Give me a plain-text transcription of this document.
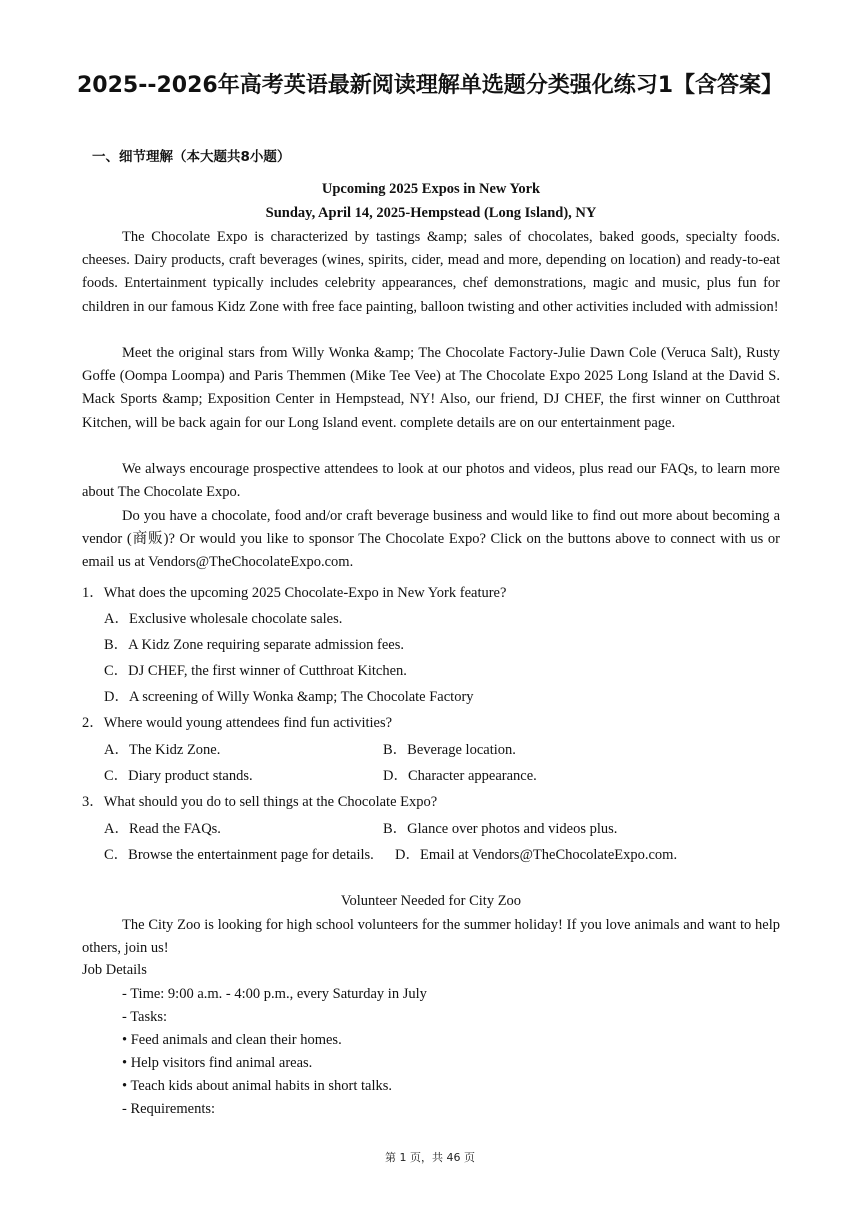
2025--2026年高考英语最新阅读理解单选题分类强化练习1【含答案】
一、细节理解（本大题共8小题）
Upcoming 2025 Expos in New York
Sunday, April 14, 2025-Hempstead (Long Island), NY

The Chocolate Expo is characterized by tastings &amp; sales of chocolates, baked goods, specialty foods. cheeses. Dairy products, craft beverages (wines, spirits, cider, mead and more, depending on location) and ready-to-eat foods. Entertainment typically includes celebrity appearances, chef demonstrations, magic and music, plus fun for children in our famous Kidz Zone with free face painting, balloon twisting and other activities included with admission!

Meet the original stars from Willy Wonka &amp; The Chocolate Factory-Julie Dawn Cole (Veruca Salt), Rusty Goffe (Oompa Loompa) and Paris Themmen (Mike Tee Vee) at The Chocolate Expo 2025 Long Island at the David S. Mack Sports &amp; Exposition Center in Hempstead, NY! Also, our friend, DJ CHEF, the first winner on Cutthroat Kitchen, will be back again for our Long Island event. complete details are on our entertainment page.

We always encourage prospective attendees to look at our photos and videos, plus read our FAQs, to learn more about The Chocolate Expo.

Do you have a chocolate, food and/or craft beverage business and would like to find out more about becoming a vendor (商贩)? Or would you like to sponsor The Chocolate Expo? Click on the buttons above to connect with us or email us at Vendors@TheChocolateExpo.com.

1．What does the upcoming 2025 Chocolate-Expo in New York feature?
A．Exclusive wholesale chocolate sales.
B．A Kidz Zone requiring separate admission fees.
C．DJ CHEF, the first winner of Cutthroat Kitchen.
D．A screening of Willy Wonka &amp; The Chocolate Factory
2．Where would young attendees find fun activities?
A．The Kidz Zone.	B．Beverage location.
C．Diary product stands.	D．Character appearance.
3．What should you do to sell things at the Chocolate Expo?
A．Read the FAQs.	B．Glance over photos and videos plus.
C．Browse the entertainment page for details. D．Email at Vendors@TheChocolateExpo.com.
Volunteer Needed for City Zoo

The City Zoo is looking for high school volunteers for the summer holiday! If you love animals and want to help others, join us!

Job Details
- Time: 9:00 a.m. - 4:00 p.m., every Saturday in July
- Tasks:
• Feed animals and clean their homes.
• Help visitors find animal areas.
• Teach kids about animal habits in short talks.
- Requirements:
第 1 页，共 46 页
